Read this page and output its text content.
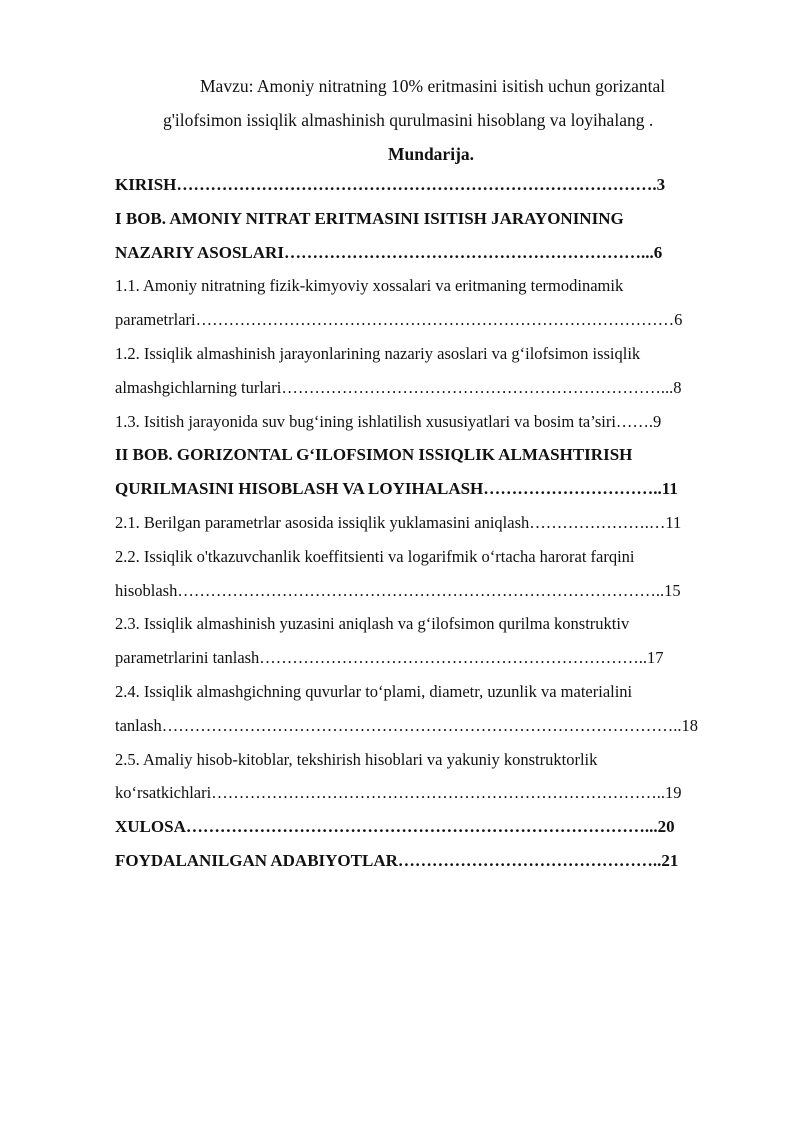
Mavzu: Amoniy nitratning 10% eritmasini isitish uchun gorizantal
g'ilofsimon issiqlik almashinish qurulmasini hisoblang va loyihalang .
Mundarija.
KIRISH………………………………………………………………………….3
I BOB. AMONIY NITRAT ERITMASINI ISITISH JARAYONINING
NAZARIY ASOSLARI………………………………………………………...6
1.1. Amoniy nitratning fizik-kimyoviy xossalari va eritmaning termodinamik
parametrlari……………………………………………………………………………6
1.2. Issiqlik almashinish jarayonlarining nazariy asoslari va g‘ilofsimon issiqlik
almashgichlarning turlari……………………………………………………………...8
1.3. Isitish jarayonida suv bug‘ining ishlatilish xususiyatlari va bosim ta’siri…….9
II BOB. GORIZONTAL G‘ILOFSIMON ISSIQLIK ALMASHTIRISH
QURILMASINI HISOBLASH VA LOYIHALASH…………………………..11
2.1. Berilgan parametrlar asosida issiqlik yuklamasini aniqlash………………….…11
2.2. Issiqlik o'tkazuvchanlik koeffitsienti va logarifmik o‘rtacha harorat farqini
hisoblash……………………………………………………………………………..15
2.3. Issiqlik almashinish yuzasini aniqlash va g‘ilofsimon qurilma konstruktiv
parametrlarini tanlash……………………………………………………………..17
2.4. Issiqlik almashgichning quvurlar to‘plami, diametr, uzunlik va materialini
tanlash…………………………………………………………………………………..18
2.5. Amaliy hisob-kitoblar, tekshirish hisoblari va yakuniy konstruktorlik
ko‘rsatkichlari………………………………………………………………………..19
XULOSA………………………………………………………………………...20
FOYDALANILGAN ADABIYOTLAR………………………………………..21
